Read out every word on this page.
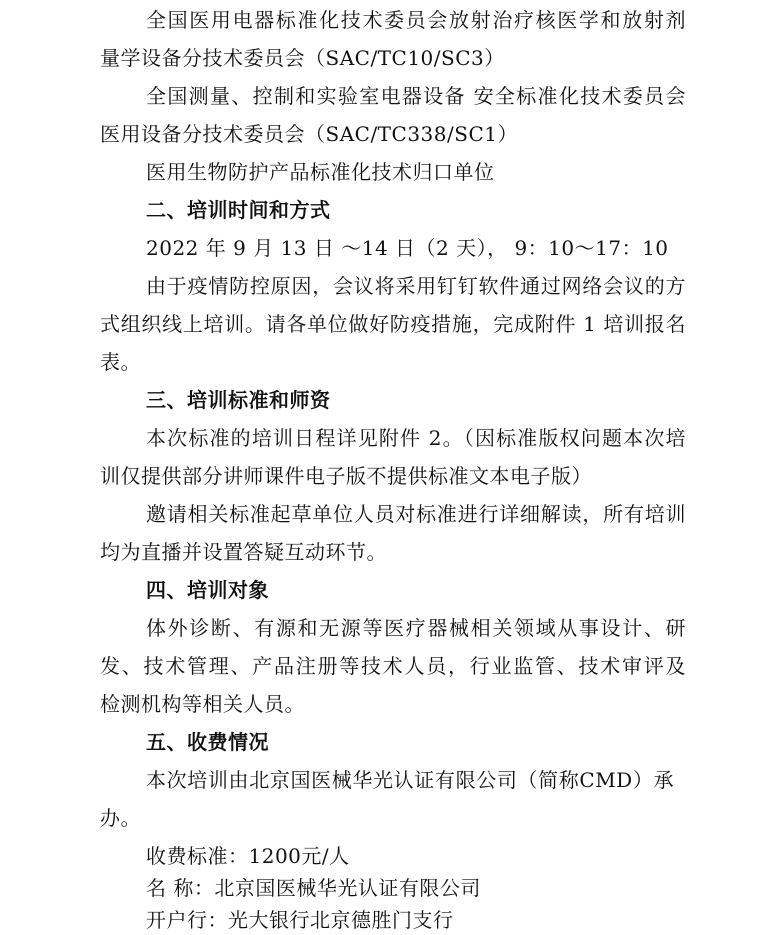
全国医用电器标准化技术委员会放射治疗核医学和放射剂
量学设备分技术委员会（SAC/TC10/SC3）
全国测量、控制和实验室电器设备 安全标准化技术委员会
医用设备分技术委员会（SAC/TC338/SC1）
医用生物防护产品标准化技术归口单位
二、培训时间和方式
2022 年 9 月 13 日 ～14 日（2 天）， 9：10～17：10
由于疫情防控原因，会议将采用钉钉软件通过网络会议的方
式组织线上培训。请各单位做好防疫措施，完成附件 1 培训报名
表。
三、培训标准和师资
本次标准的培训日程详见附件 2。（因标准版权问题本次培
训仅提供部分讲师课件电子版不提供标准文本电子版）
邀请相关标准起草单位人员对标准进行详细解读，所有培训
均为直播并设置答疑互动环节。
四、培训对象
体外诊断、有源和无源等医疗器械相关领域从事设计、研
发、技术管理、产品注册等技术人员，行业监管、技术审评及
检测机构等相关人员。
五、收费情况
本次培训由北京国医械华光认证有限公司（简称CMD）承
办。
收费标准：1200元/人
名 称：北京国医械华光认证有限公司
开户行：光大银行北京德胜门支行
